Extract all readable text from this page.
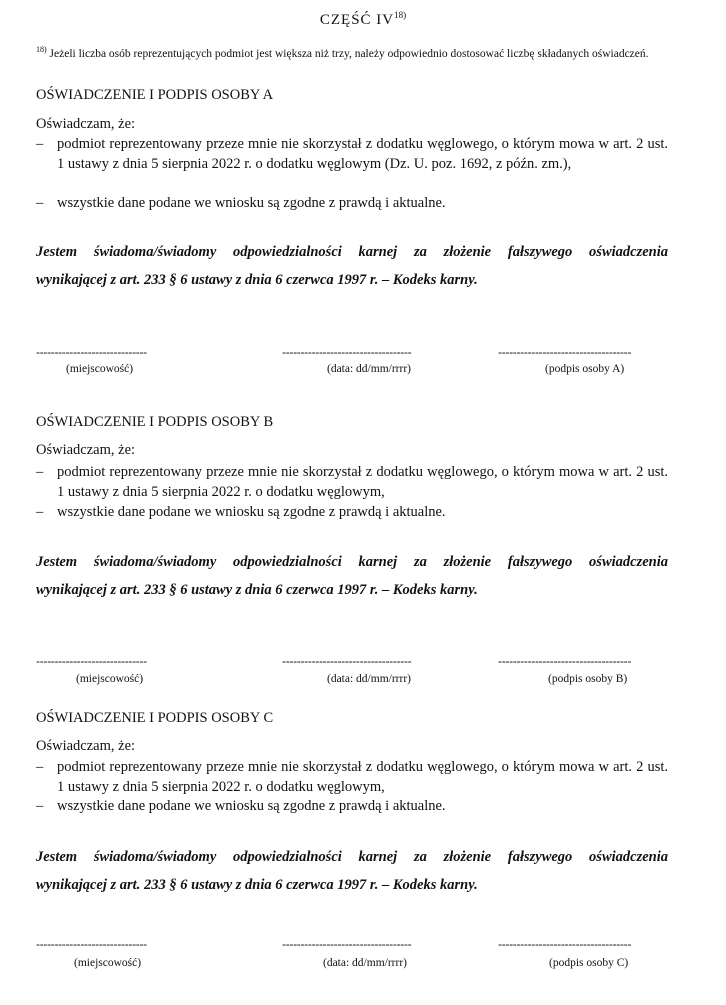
CZĘŚĆ IV$^{18)}$
$^{18)}$ Jeżeli liczba osób reprezentujących podmiot jest większa niż trzy, należy odpowiednio dostosować liczbę składanych oświadczeń.
OŚWIADCZENIE I PODPIS OSOBY A
Oświadczam, że:
– podmiot reprezentowany przeze mnie nie skorzystał z dodatku węglowego, o którym mowa w art. 2 ust. 1 ustawy z dnia 5 sierpnia 2022 r. o dodatku węglowym (Dz. U. poz. 1692, z późn. zm.),
– wszystkie dane podane we wniosku są zgodne z prawdą i aktualne.
Jestem świadoma/świadomy odpowiedzialności karnej za złożenie fałszywego oświadczenia
wynikającej z art. 233 § 6 ustawy z dnia 6 czerwca 1997 r. – Kodeks karny.
------------------------------	-----------------------------------	------------------------------------
(miejscowość)	(data: dd/mm/rrrr)	(podpis osoby A)
OŚWIADCZENIE I PODPIS OSOBY B
Oświadczam, że:
– podmiot reprezentowany przeze mnie nie skorzystał z dodatku węglowego, o którym mowa w art. 2 ust. 1 ustawy z dnia 5 sierpnia 2022 r. o dodatku węglowym,
– wszystkie dane podane we wniosku są zgodne z prawdą i aktualne.
Jestem świadoma/świadomy odpowiedzialności karnej za złożenie fałszywego oświadczenia
wynikającej z art. 233 § 6 ustawy z dnia 6 czerwca 1997 r. – Kodeks karny.
------------------------------	-----------------------------------	------------------------------------
(miejscowość)	(data: dd/mm/rrrr)	(podpis osoby B)
OŚWIADCZENIE I PODPIS OSOBY C
Oświadczam, że:
– podmiot reprezentowany przeze mnie nie skorzystał z dodatku węglowego, o którym mowa w art. 2 ust. 1 ustawy z dnia 5 sierpnia 2022 r. o dodatku węglowym,
– wszystkie dane podane we wniosku są zgodne z prawdą i aktualne.
Jestem świadoma/świadomy odpowiedzialności karnej za złożenie fałszywego oświadczenia
wynikającej z art. 233 § 6 ustawy z dnia 6 czerwca 1997 r. – Kodeks karny.
------------------------------	-----------------------------------	------------------------------------
(miejscowość)	(data: dd/mm/rrrr)	(podpis osoby C)
